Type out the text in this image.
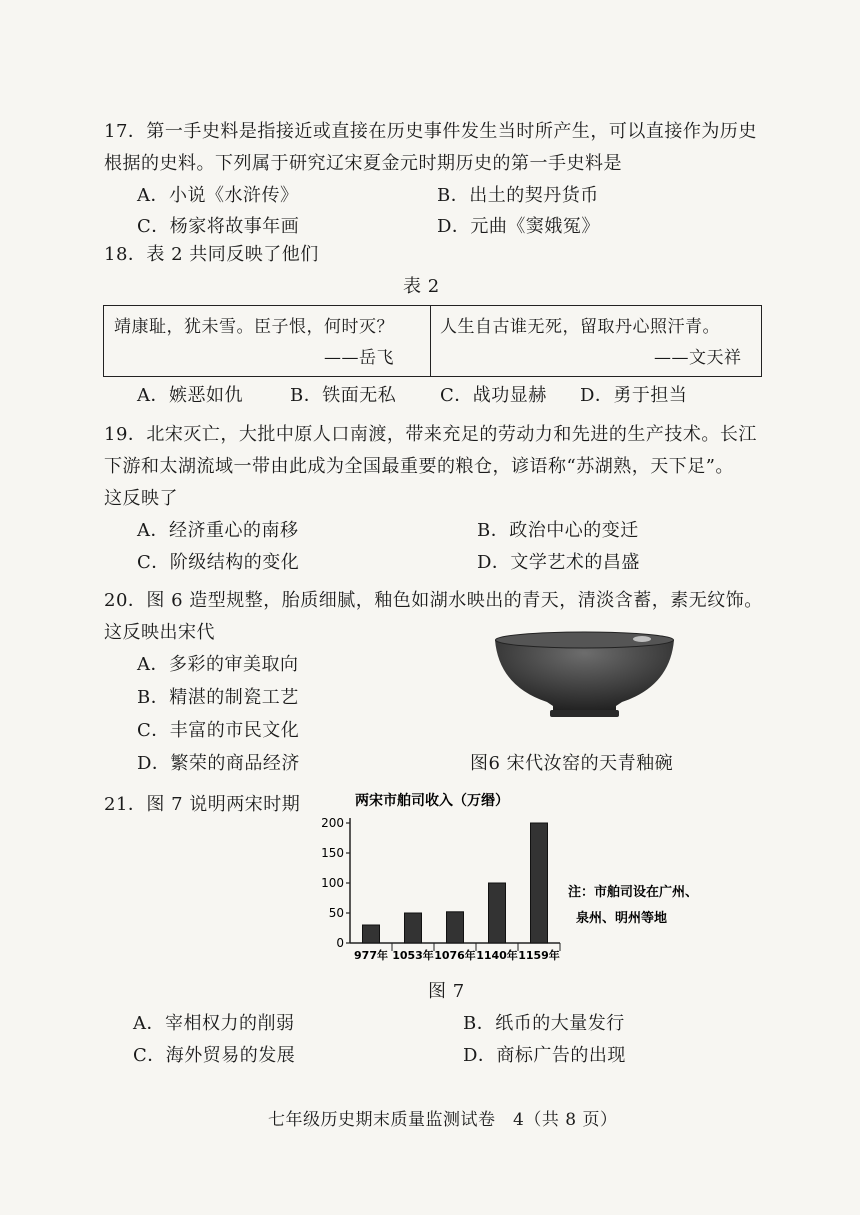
17．第一手史料是指接近或直接在历史事件发生当时所产生，可以直接作为历史
根据的史料。下列属于研究辽宋夏金元时期历史的第一手史料是
A．小说《水浒传》	B．出土的契丹货币
C．杨家将故事年画	D．元曲《窦娥冤》
18．表 2 共同反映了他们
表 2
靖康耻，犹未雪。臣子恨，何时灭？
——岳飞
人生自古谁无死，留取丹心照汗青。
——文天祥
A．嫉恶如仇	B．铁面无私 C．战功显赫 D．勇于担当
19．北宋灭亡，大批中原人口南渡，带来充足的劳动力和先进的生产技术。长江
下游和太湖流域一带由此成为全国最重要的粮仓，谚语称“苏湖熟，天下足”。
这反映了
A．经济重心的南移	B．政治中心的变迁
C．阶级结构的变化	D．文学艺术的昌盛
20．图 6 造型规整，胎质细腻，釉色如湖水映出的青天，清淡含蓄，素无纹饰。
这反映出宋代
A．多彩的审美取向
B．精湛的制瓷工艺
C．丰富的市民文化
D．繁荣的商品经济	图6 宋代汝窑的天青釉碗
21．图 7 说明两宋时期	两宋市舶司收入（万缗）
0
50
100
150
200
977年 1053年 1076年 1140年 1159年
注：市舶司设在广州、
泉州、明州等地
图 7
A．宰相权力的削弱	B．纸币的大量发行
C．海外贸易的发展	D．商标广告的出现
七年级历史期末质量监测试卷　4（共 8 页）
